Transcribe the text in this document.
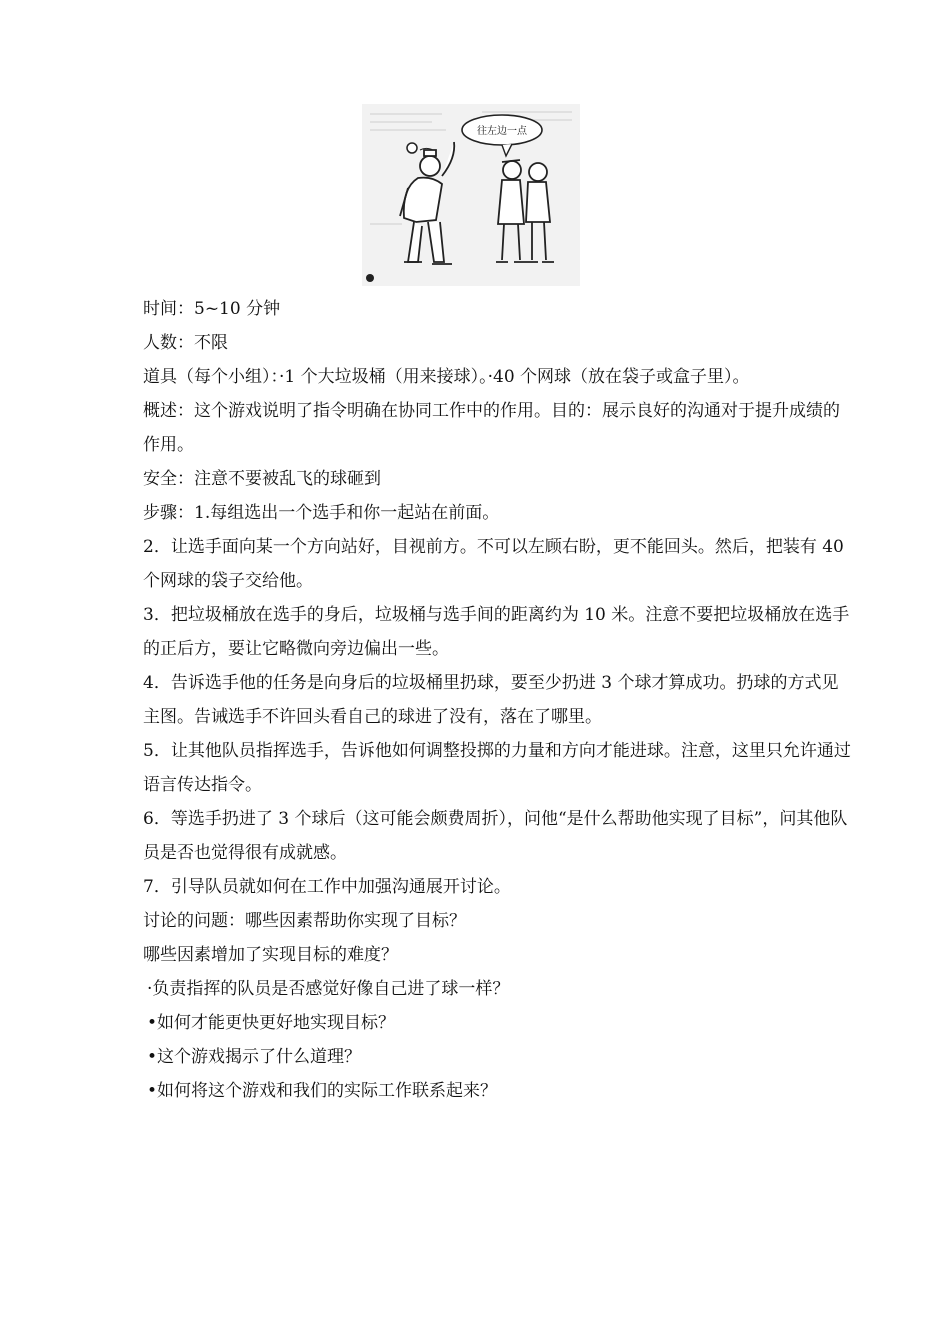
往左边一点

时间：5~10 分钟

人数：不限

道具（每个小组）：·1 个大垃圾桶（用来接球）。·40 个网球（放在袋子或盒子里）。

概述：这个游戏说明了指令明确在协同工作中的作用。目的：展示良好的沟通对于提升成绩的作用。

安全：注意不要被乱飞的球砸到

步骤：1.每组选出一个选手和你一起站在前面。

2．让选手面向某一个方向站好，目视前方。不可以左顾右盼，更不能回头。然后，把装有 40 个网球的袋子交给他。

3．把垃圾桶放在选手的身后，垃圾桶与选手间的距离约为 10 米。注意不要把垃圾桶放在选手的正后方，要让它略微向旁边偏出一些。

4．告诉选手他的任务是向身后的垃圾桶里扔球，要至少扔进 3 个球才算成功。扔球的方式见主图。告诫选手不许回头看自己的球进了没有，落在了哪里。

5．让其他队员指挥选手，告诉他如何调整投掷的力量和方向才能进球。注意，这里只允许通过语言传达指令。

6．等选手扔进了 3 个球后（这可能会颇费周折），问他“是什么帮助他实现了目标”，问其他队员是否也觉得很有成就感。

7．引导队员就如何在工作中加强沟通展开讨论。

讨论的问题：哪些因素帮助你实现了目标？

哪些因素增加了实现目标的难度？

·负责指挥的队员是否感觉好像自己进了球一样？

•如何才能更快更好地实现目标？

•这个游戏揭示了什么道理？

•如何将这个游戏和我们的实际工作联系起来？
